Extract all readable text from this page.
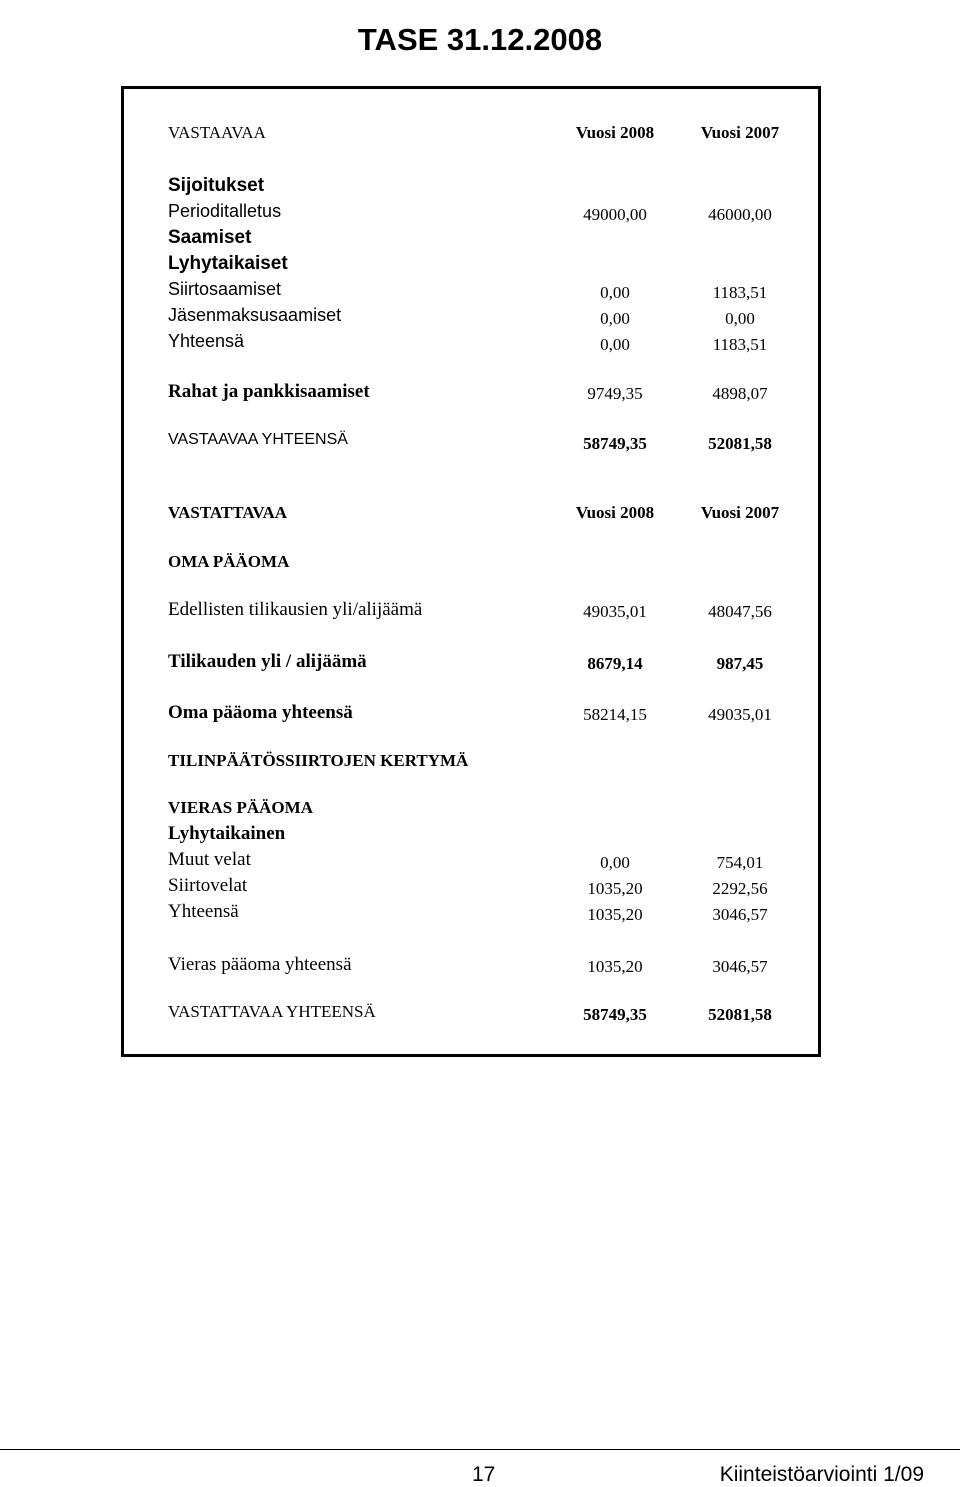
TASE 31.12.2008
VASTAAVAA	Vuosi 2008	Vuosi 2007
Sijoitukset
Perioditalletus	49000,00	46000,00
Saamiset
Lyhytaikaiset
Siirtosaamiset	0,00	1183,51
Jäsenmaksusaamiset	0,00	0,00
Yhteensä	0,00	1183,51
Rahat ja pankkisaamiset	9749,35	4898,07
VASTAAVAA YHTEENSÄ	58749,35	52081,58
VASTATTAVAA	Vuosi 2008	Vuosi 2007
OMA PÄÄOMA
Edellisten tilikausien yli/alijäämä	49035,01	48047,56
Tilikauden yli / alijäämä	8679,14	987,45
Oma pääoma yhteensä	58214,15	49035,01
TILINPÄÄTÖSSIIRTOJEN KERTYMÄ
VIERAS PÄÄOMA
Lyhytaikainen
Muut velat	0,00	754,01
Siirtovelat	1035,20	2292,56
Yhteensä	1035,20	3046,57
Vieras pääoma yhteensä	1035,20	3046,57
VASTATTAVAA YHTEENSÄ	58749,35	52081,58
17	Kiinteistöarviointi 1/09
